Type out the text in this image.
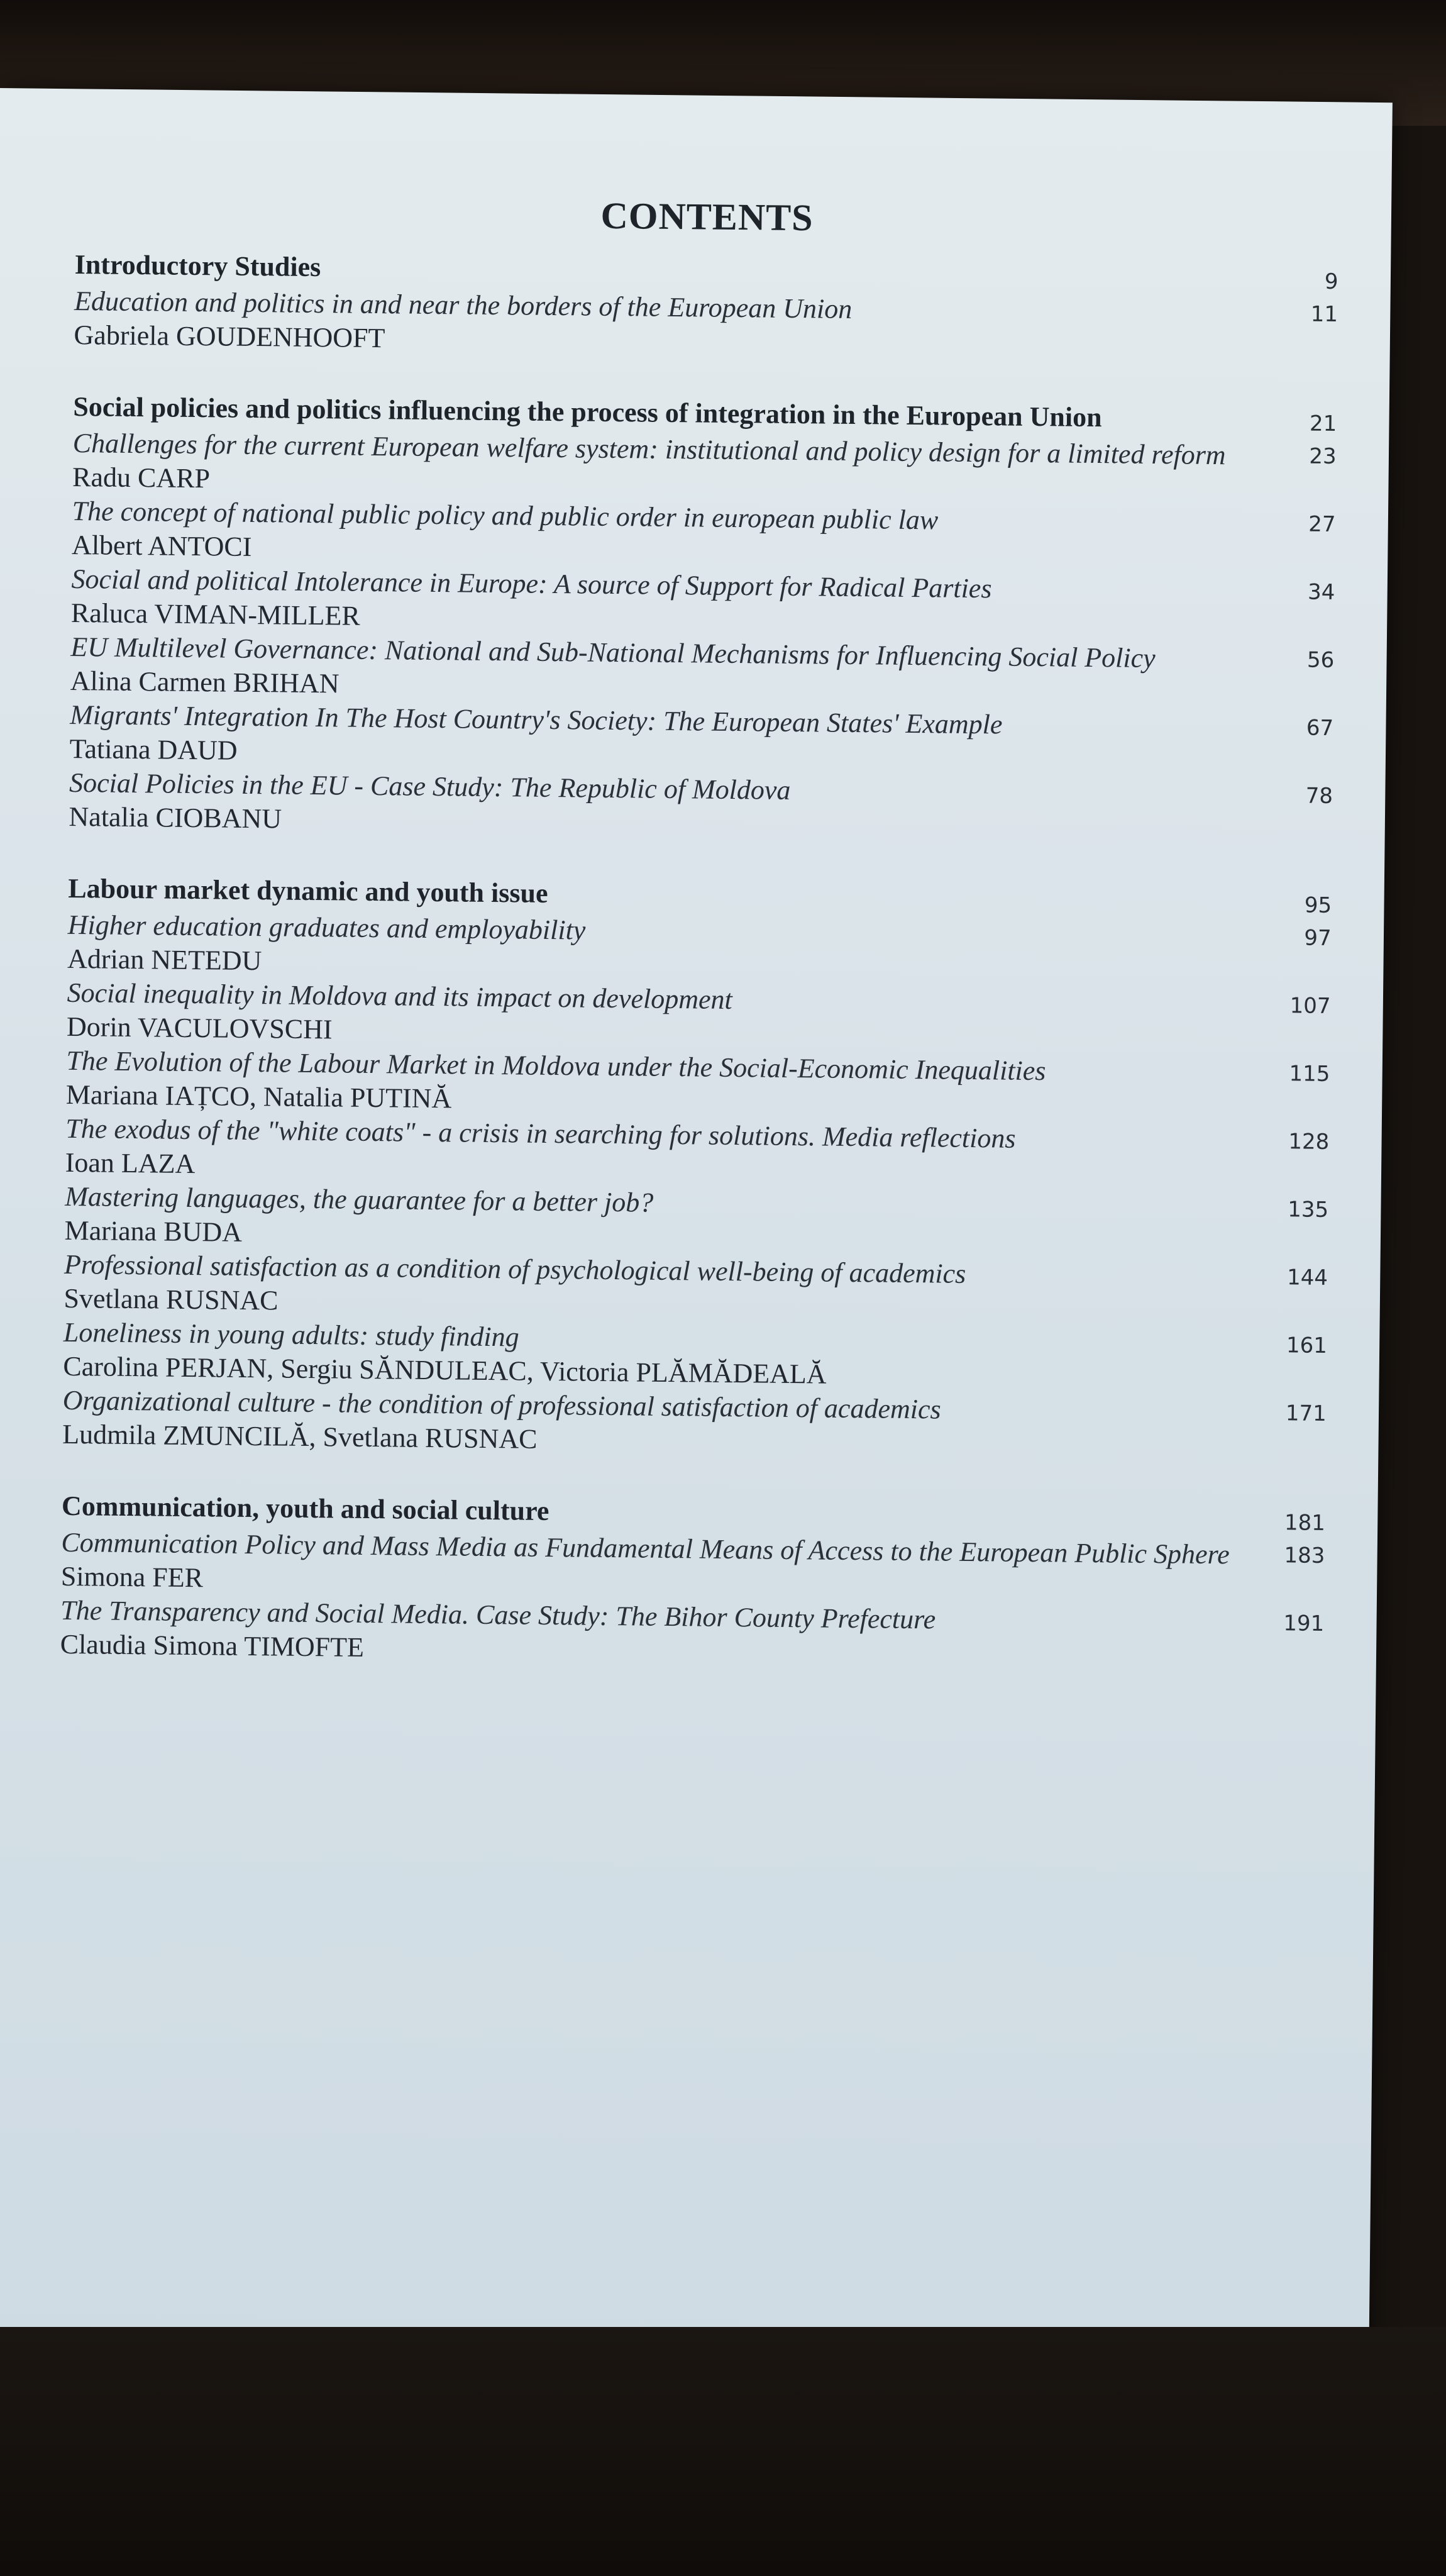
CONTENTS
Introductory Studies	9
Education and politics in and near the borders of the European Union	11
Gabriela GOUDENHOOFT
Social policies and politics influencing the process of integration in the European Union	21
Challenges for the current European welfare system: institutional and policy design for a limited reform	23
Radu CARP
The concept of national public policy and public order in european public law	27
Albert ANTOCI
Social and political Intolerance in Europe: A source of Support for Radical Parties	34
Raluca VIMAN-MILLER
EU Multilevel Governance: National and Sub-National Mechanisms for Influencing Social Policy	56
Alina Carmen BRIHAN
Migrants' Integration In The Host Country's Society: The European States' Example	67
Tatiana DAUD
Social Policies in the EU - Case Study: The Republic of Moldova	78
Natalia CIOBANU
Labour market dynamic and youth issue	95
Higher education graduates and employability	97
Adrian NETEDU
Social inequality in Moldova and its impact on development	107
Dorin VACULOVSCHI
The Evolution of the Labour Market in Moldova under the Social-Economic Inequalities	115
Mariana IAȚCO, Natalia PUTINĂ
The exodus of the "white coats" - a crisis in searching for solutions. Media reflections	128
Ioan LAZA
Mastering languages, the guarantee for a better job?	135
Mariana BUDA
Professional satisfaction as a condition of psychological well-being of academics	144
Svetlana RUSNAC
Loneliness in young adults: study finding	161
Carolina PERJAN, Sergiu SĂNDULEAC, Victoria PLĂMĂDEALĂ
Organizational culture - the condition of professional satisfaction of academics	171
Ludmila ZMUNCILĂ, Svetlana RUSNAC
Communication, youth and social culture	181
Communication Policy and Mass Media as Fundamental Means of Access to the European Public Sphere	183
Simona FER
The Transparency and Social Media. Case Study: The Bihor County Prefecture	191
Claudia Simona TIMOFTE
